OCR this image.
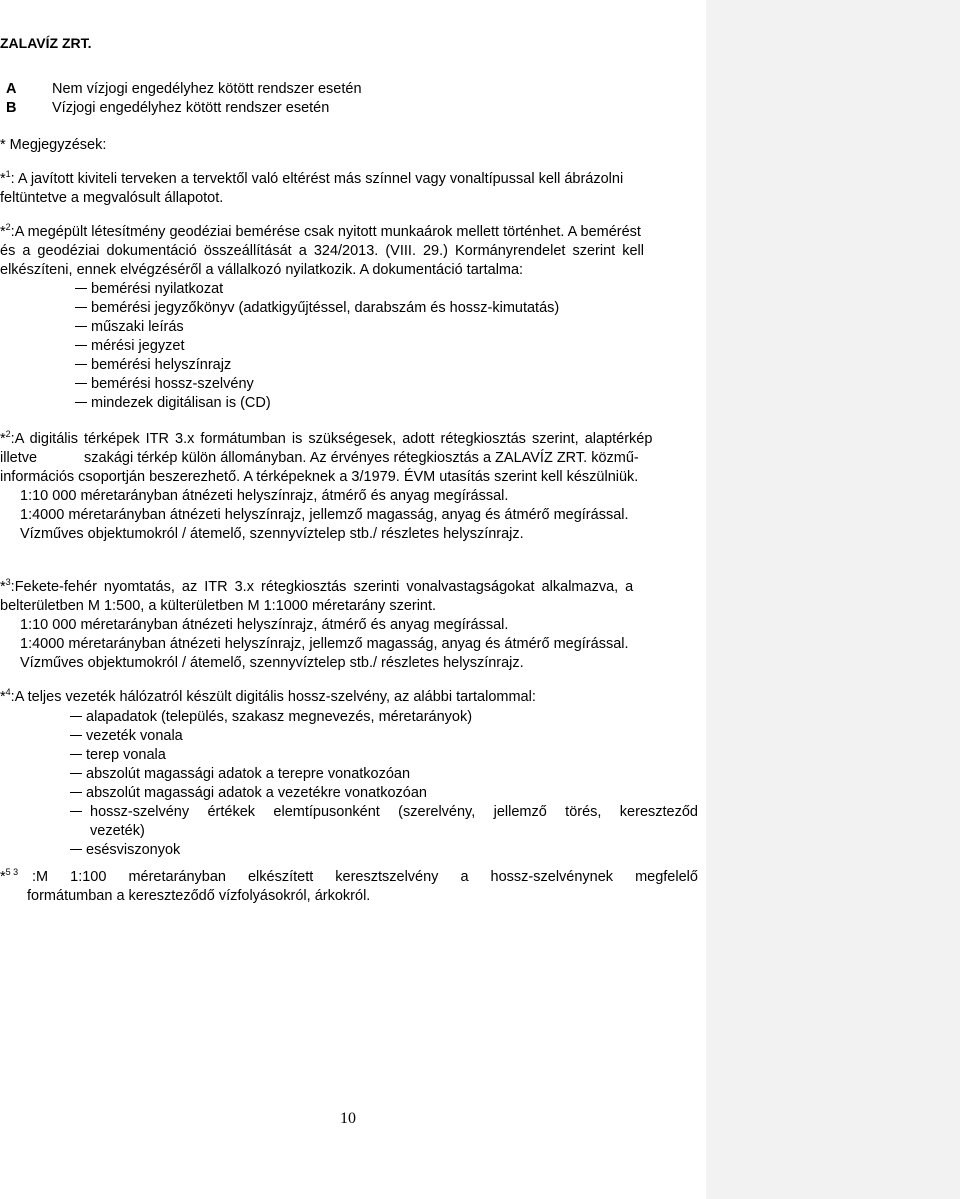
ZALAVÍZ ZRT.
A Nem vízjogi engedélyhez kötött rendszer esetén
B Vízjogi engedélyhez kötött rendszer esetén
* Megjegyzések:
*$^1$: A javított kiviteli terveken a tervektől való eltérést más színnel vagy vonaltípussal kell ábrázolni
feltüntetve a megvalósult állapotot.
*$^2$:A megépült létesítmény geodéziai bemérése csak nyitott munkaárok mellett történhet. A bemérést
és a geodéziai dokumentáció összeállítását a 324/2013. (VIII. 29.) Kormányrendelet szerint kell
elkészíteni, ennek elvégzéséről a vállalkozó nyilatkozik. A dokumentáció tartalma:
bemérési nyilatkozat
bemérési jegyzőkönyv (adatkigyűjtéssel, darabszám és hossz-kimutatás)
műszaki leírás
mérési jegyzet
bemérési helyszínrajz
bemérési hossz-szelvény
mindezek digitálisan is (CD)
*$^2$:A digitális térképek ITR 3.x formátumban is szükségesek, adott rétegkiosztás szerint, alaptérkép
illetve	szakági térkép külön állományban. Az érvényes rétegkiosztás a ZALAVÍZ ZRT. közmű-
információs csoportján beszerezhető. A térképeknek a 3/1979. ÉVM utasítás szerint kell készülniük.
1:10 000 méretarányban átnézeti helyszínrajz, átmérő és anyag megírással.
1:4000 méretarányban átnézeti helyszínrajz, jellemző magasság, anyag és átmérő megírással.
Vízműves objektumokról / átemelő, szennyvíztelep stb./ részletes helyszínrajz.
*$^3$:Fekete-fehér nyomtatás, az ITR 3.x rétegkiosztás szerinti vonalvastagságokat alkalmazva, a
belterületben M 1:500, a külterületben M 1:1000 méretarány szerint.
1:10 000 méretarányban átnézeti helyszínrajz, átmérő és anyag megírással.
1:4000 méretarányban átnézeti helyszínrajz, jellemző magasság, anyag és átmérő megírással.
Vízműves objektumokról / átemelő, szennyvíztelep stb./ részletes helyszínrajz.
*$^4$:A teljes vezeték hálózatról készült digitális hossz-szelvény, az alábbi tartalommal:
alapadatok (település, szakasz megnevezés, méretarányok)
vezeték vonala
terep vonala
abszolút magassági adatok a terepre vonatkozóan
abszolút magassági adatok a vezetékre vonatkozóan
hossz-szelvény értékek elemtípusonként (szerelvény, jellemző törés, kereszteződ
vezeték)
esésviszonyok
*$^{5 3}$ :M 1:100 méretarányban elkészített keresztszelvény a hossz-szelvénynek megfelelő
formátumban a kereszteződő vízfolyásokról, árkokról.
10
